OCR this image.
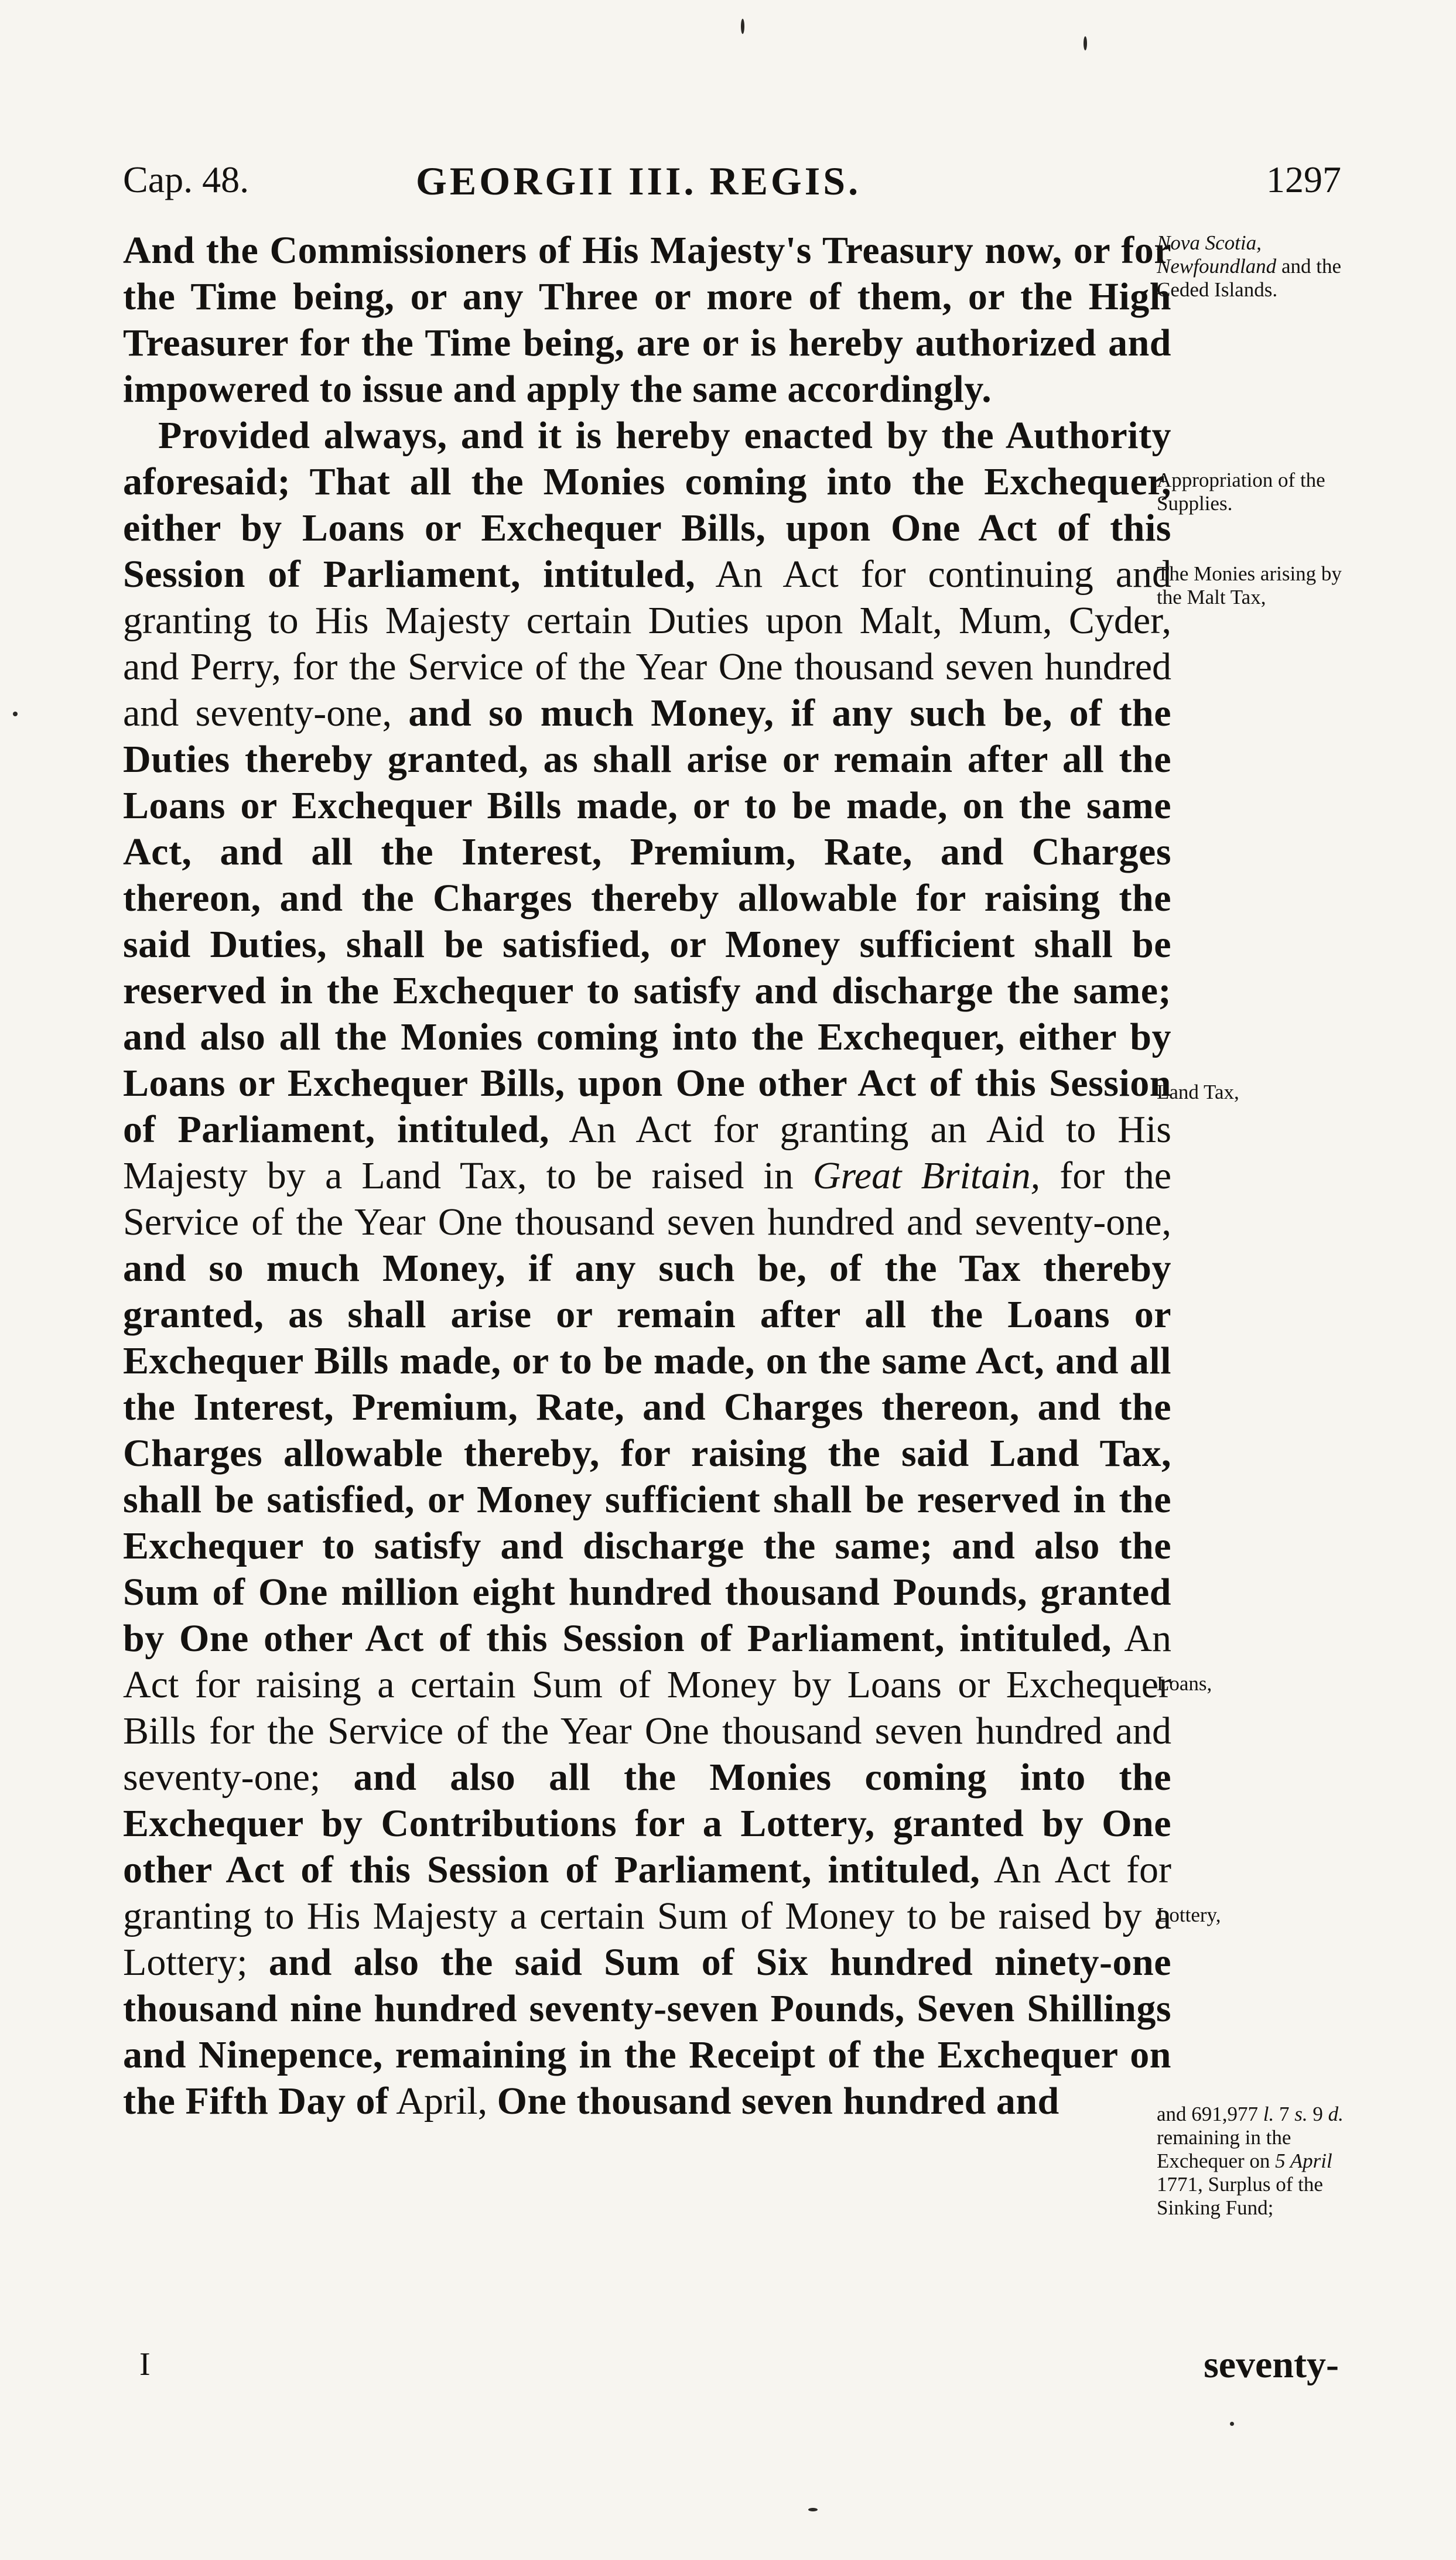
Cap. 48.	GEORGII III. REGIS.	1297

And the Commissioners of His Majesty's Treasury now, or for the Time being, or any Three or more of them, or the High Treasurer for the Time being, are or is hereby authorized and impowered to issue and apply the same accordingly.

Provided always, and it is hereby enacted by the Authority aforesaid; That all the Monies coming into the Exchequer, either by Loans or Exchequer Bills, upon One Act of this Session of Parliament, intituled, An Act for continuing and granting to His Majesty certain Duties upon Malt, Mum, Cyder, and Perry, for the Service of the Year One thousand seven hundred and seventy-one, and so much Money, if any such be, of the Duties thereby granted, as shall arise or remain after all the Loans or Exchequer Bills made, or to be made, on the same Act, and all the Interest, Premium, Rate, and Charges thereon, and the Charges thereby allowable for raising the said Duties, shall be satisfied, or Money sufficient shall be reserved in the Exchequer to satisfy and discharge the same; and also all the Monies coming into the Exchequer, either by Loans or Exchequer Bills, upon One other Act of this Session of Parliament, intituled, An Act for granting an Aid to His Majesty by a Land Tax, to be raised in Great Britain, for the Service of the Year One thousand seven hundred and seventy-one, and so much Money, if any such be, of the Tax thereby granted, as shall arise or remain after all the Loans or Exchequer Bills made, or to be made, on the same Act, and all the Interest, Premium, Rate, and Charges thereon, and the Charges allowable thereby, for raising the said Land Tax, shall be satisfied, or Money sufficient shall be reserved in the Exchequer to satisfy and discharge the same; and also the Sum of One million eight hundred thousand Pounds, granted by One other Act of this Session of Parliament, intituled, An Act for raising a certain Sum of Money by Loans or Exchequer Bills for the Service of the Year One thousand seven hundred and seventy-one; and also all the Monies coming into the Exchequer by Contributions for a Lottery, granted by One other Act of this Session of Parliament, intituled, An Act for granting to His Majesty a certain Sum of Money to be raised by a Lottery; and also the said Sum of Six hundred ninety-one thousand nine hundred seventy-seven Pounds, Seven Shillings and Ninepence, remaining in the Receipt of the Exchequer on the Fifth Day of April, One thousand seven hundred and

Nova Scotia, Newfoundland and the Ceded Islands.
Appropriation of the Supplies.
The Monies arising by the Malt Tax,
Land Tax,
Loans,
Lottery,
and 691,977 l. 7 s. 9 d. remaining in the Exchequer on 5 April 1771, Surplus of the Sinking Fund;
seventy-
I
